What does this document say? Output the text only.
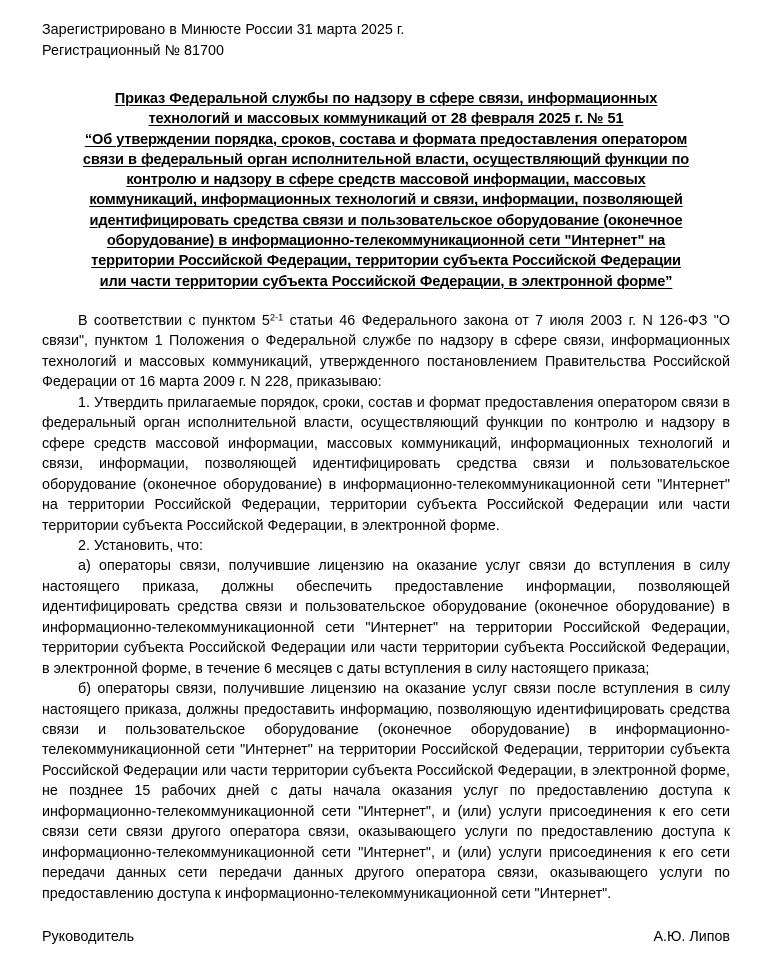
Зарегистрировано в Минюсте России 31 марта 2025 г.
Регистрационный № 81700
Приказ Федеральной службы по надзору в сфере связи, информационных
технологий и массовых коммуникаций от 28 февраля 2025 г. № 51
“Об утверждении порядка, сроков, состава и формата предоставления оператором
связи в федеральный орган исполнительной власти, осуществляющий функции по
контролю и надзору в сфере средств массовой информации, массовых
коммуникаций, информационных технологий и связи, информации, позволяющей
идентифицировать средства связи и пользовательское оборудование (оконечное
оборудование) в информационно-телекоммуникационной сети "Интернет" на
территории Российской Федерации, территории субъекта Российской Федерации
или части территории субъекта Российской Федерации, в электронной форме”

В соответствии с пунктом 5$^{2-1}$ статьи 46 Федерального закона от 7 июля 2003 г. N 126-ФЗ "О связи", пунктом 1 Положения о Федеральной службе по надзору в сфере связи, информационных технологий и массовых коммуникаций, утвержденного постановлением Правительства Российской Федерации от 16 марта 2009 г. N 228, приказываю:

1. Утвердить прилагаемые порядок, сроки, состав и формат предоставления оператором связи в федеральный орган исполнительной власти, осуществляющий функции по контролю и надзору в сфере средств массовой информации, массовых коммуникаций, информационных технологий и связи, информации, позволяющей идентифицировать средства связи и пользовательское оборудование (оконечное оборудование) в информационно-телекоммуникационной сети "Интернет" на территории Российской Федерации, территории субъекта Российской Федерации или части территории субъекта Российской Федерации, в электронной форме.

2. Установить, что:

а) операторы связи, получившие лицензию на оказание услуг связи до вступления в силу настоящего приказа, должны обеспечить предоставление информации, позволяющей идентифицировать средства связи и пользовательское оборудование (оконечное оборудование) в информационно-телекоммуникационной сети "Интернет" на территории Российской Федерации, территории субъекта Российской Федерации или части территории субъекта Российской Федерации, в электронной форме, в течение 6 месяцев с даты вступления в силу настоящего приказа;

б) операторы связи, получившие лицензию на оказание услуг связи после вступления в силу настоящего приказа, должны предоставить информацию, позволяющую идентифицировать средства связи и пользовательское оборудование (оконечное оборудование) в информационно-телекоммуникационной сети "Интернет" на территории Российской Федерации, территории субъекта Российской Федерации или части территории субъекта Российской Федерации, в электронной форме, не позднее 15 рабочих дней с даты начала оказания услуг по предоставлению доступа к информационно-телекоммуникационной сети "Интернет", и (или) услуги присоединения к его сети связи сети связи другого оператора связи, оказывающего услуги по предоставлению доступа к информационно-телекоммуникационной сети "Интернет", и (или) услуги присоединения к его сети передачи данных сети передачи данных другого оператора связи, оказывающего услуги по предоставлению доступа к информационно-телекоммуникационной сети "Интернет".

Руководитель	А.Ю. Липов
